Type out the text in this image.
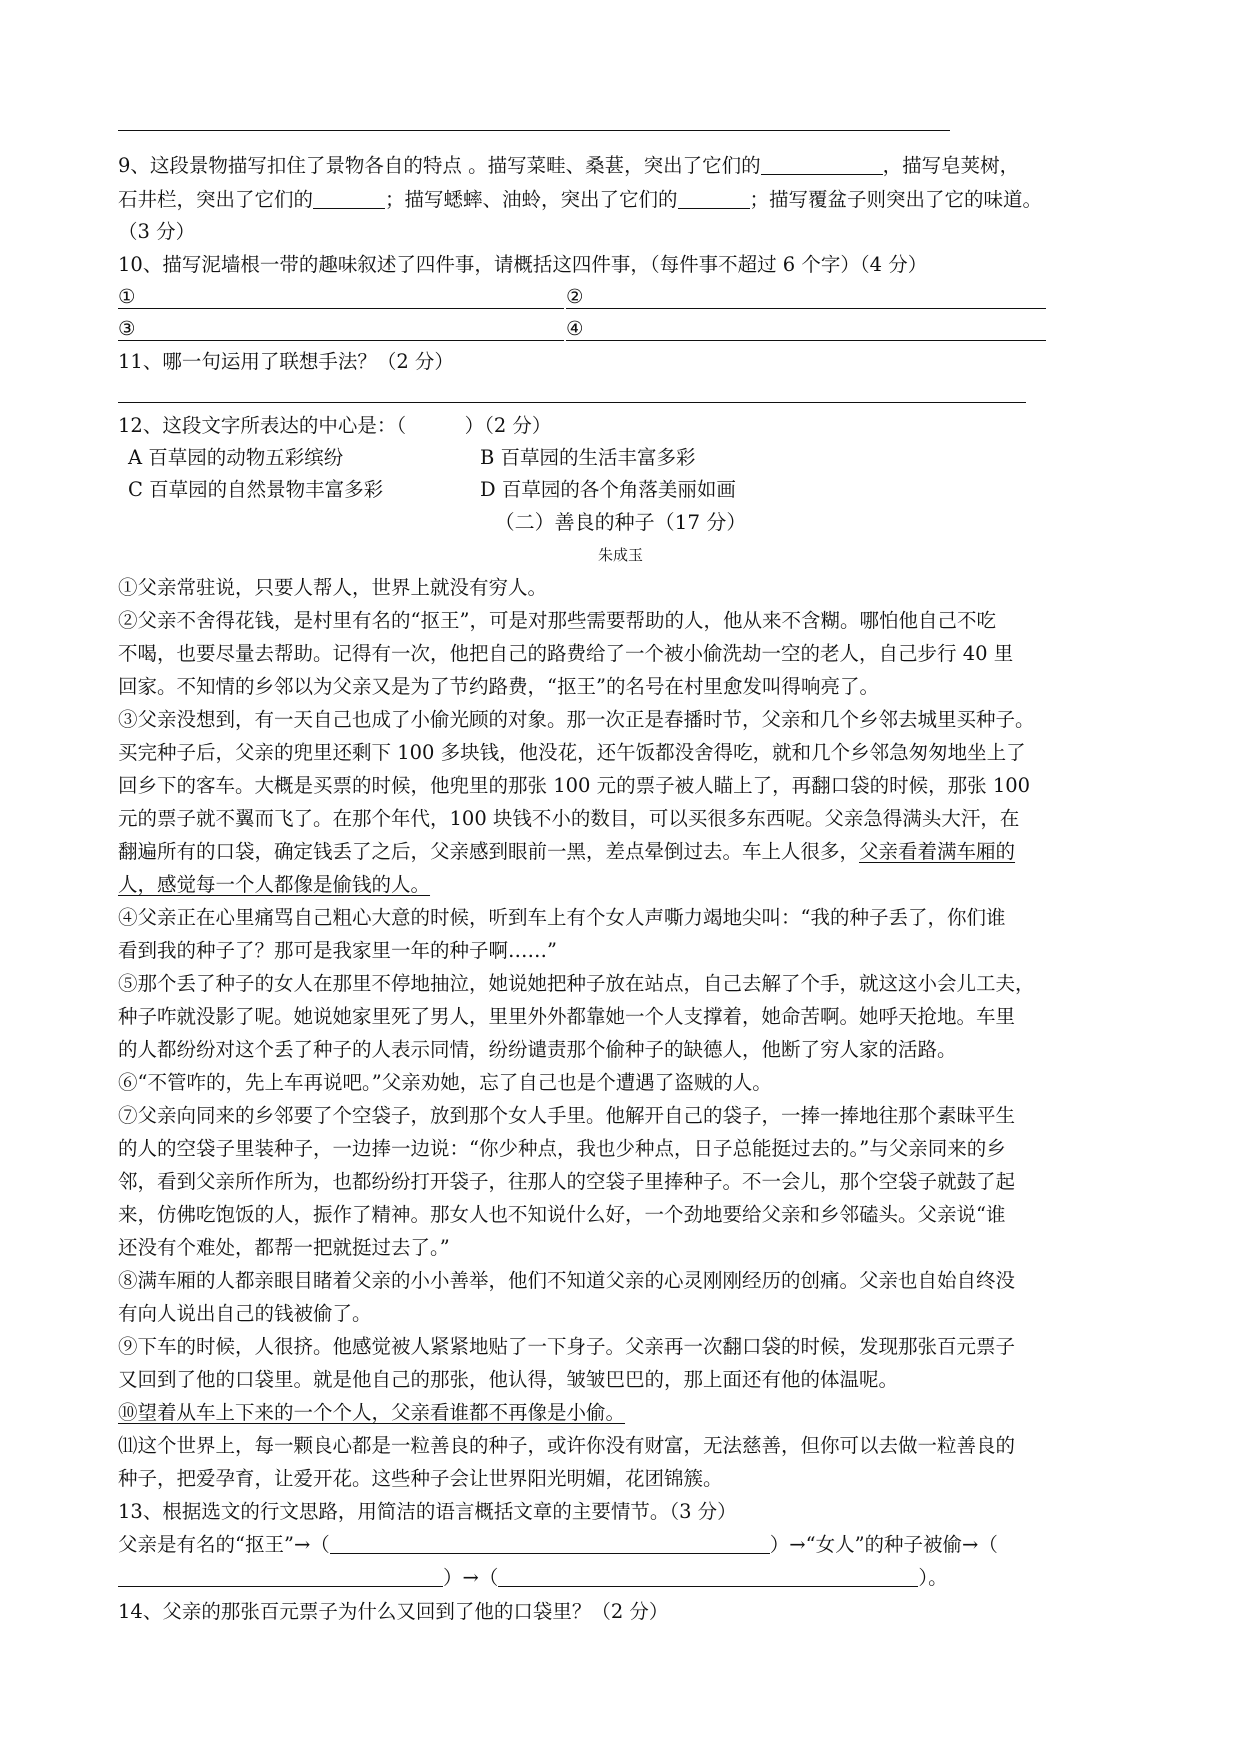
9、这段景物描写扣住了景物各自的特点 。描写菜畦、桑葚，突出了它们的	，描写皂荚树，
石井栏，突出了它们的	；描写蟋蟀、油蛉，突出了它们的	；描写覆盆子则突出了它的味道。
（3 分）
10、描写泥墙根一带的趣味叙述了四件事，请概括这四件事，（每件事不超过 6 个字）（4 分）
①	②
③	④
11、哪一句运用了联想手法？（2 分）
12、这段文字所表达的中心是：（　　　）（2 分）
A 百草园的动物五彩缤纷	B 百草园的生活丰富多彩
C 百草园的自然景物丰富多彩	D 百草园的各个角落美丽如画
（二）善良的种子（17 分）
朱成玉
①父亲常驻说，只要人帮人，世界上就没有穷人。
②父亲不舍得花钱，是村里有名的“抠王”，可是对那些需要帮助的人，他从来不含糊。哪怕他自己不吃
不喝，也要尽量去帮助。记得有一次，他把自己的路费给了一个被小偷洗劫一空的老人，自己步行 40 里
回家。不知情的乡邻以为父亲又是为了节约路费，“抠王”的名号在村里愈发叫得响亮了。
③父亲没想到，有一天自己也成了小偷光顾的对象。那一次正是春播时节，父亲和几个乡邻去城里买种子。
买完种子后，父亲的兜里还剩下 100 多块钱，他没花，还午饭都没舍得吃，就和几个乡邻急匆匆地坐上了
回乡下的客车。大概是买票的时候，他兜里的那张 100 元的票子被人瞄上了，再翻口袋的时候，那张 100
元的票子就不翼而飞了。在那个年代，100 块钱不小的数目，可以买很多东西呢。父亲急得满头大汗，在
翻遍所有的口袋，确定钱丢了之后，父亲感到眼前一黑，差点晕倒过去。车上人很多，父亲看着满车厢的
人，感觉每一个人都像是偷钱的人。
④父亲正在心里痛骂自己粗心大意的时候，听到车上有个女人声嘶力竭地尖叫：“我的种子丢了，你们谁
看到我的种子了？那可是我家里一年的种子啊……”
⑤那个丢了种子的女人在那里不停地抽泣，她说她把种子放在站点，自己去解了个手，就这这小会儿工夫，
种子咋就没影了呢。她说她家里死了男人，里里外外都靠她一个人支撑着，她命苦啊。她呼天抢地。车里
的人都纷纷对这个丢了种子的人表示同情，纷纷谴责那个偷种子的缺德人，他断了穷人家的活路。
⑥“不管咋的，先上车再说吧。”父亲劝她，忘了自己也是个遭遇了盗贼的人。
⑦父亲向同来的乡邻要了个空袋子，放到那个女人手里。他解开自己的袋子，一捧一捧地往那个素昧平生
的人的空袋子里装种子，一边捧一边说：“你少种点，我也少种点，日子总能挺过去的。”与父亲同来的乡
邻，看到父亲所作所为，也都纷纷打开袋子，往那人的空袋子里捧种子。不一会儿，那个空袋子就鼓了起
来，仿佛吃饱饭的人，振作了精神。那女人也不知说什么好，一个劲地要给父亲和乡邻磕头。父亲说“谁
还没有个难处，都帮一把就挺过去了。”
⑧满车厢的人都亲眼目睹着父亲的小小善举，他们不知道父亲的心灵刚刚经历的创痛。父亲也自始自终没
有向人说出自己的钱被偷了。
⑨下车的时候，人很挤。他感觉被人紧紧地贴了一下身子。父亲再一次翻口袋的时候，发现那张百元票子
又回到了他的口袋里。就是他自己的那张，他认得，皱皱巴巴的，那上面还有他的体温呢。
⑩望着从车上下来的一个个人，父亲看谁都不再像是小偷。
⑾这个世界上，每一颗良心都是一粒善良的种子，或许你没有财富，无法慈善，但你可以去做一粒善良的
种子，把爱孕育，让爱开花。这些种子会让世界阳光明媚，花团锦簇。
13、根据选文的行文思路，用简洁的语言概括文章的主要情节。（3 分）
父亲是有名的“抠王”→（	）→“女人”的种子被偷→（
）→（	）。
14、父亲的那张百元票子为什么又回到了他的口袋里？（2 分）
